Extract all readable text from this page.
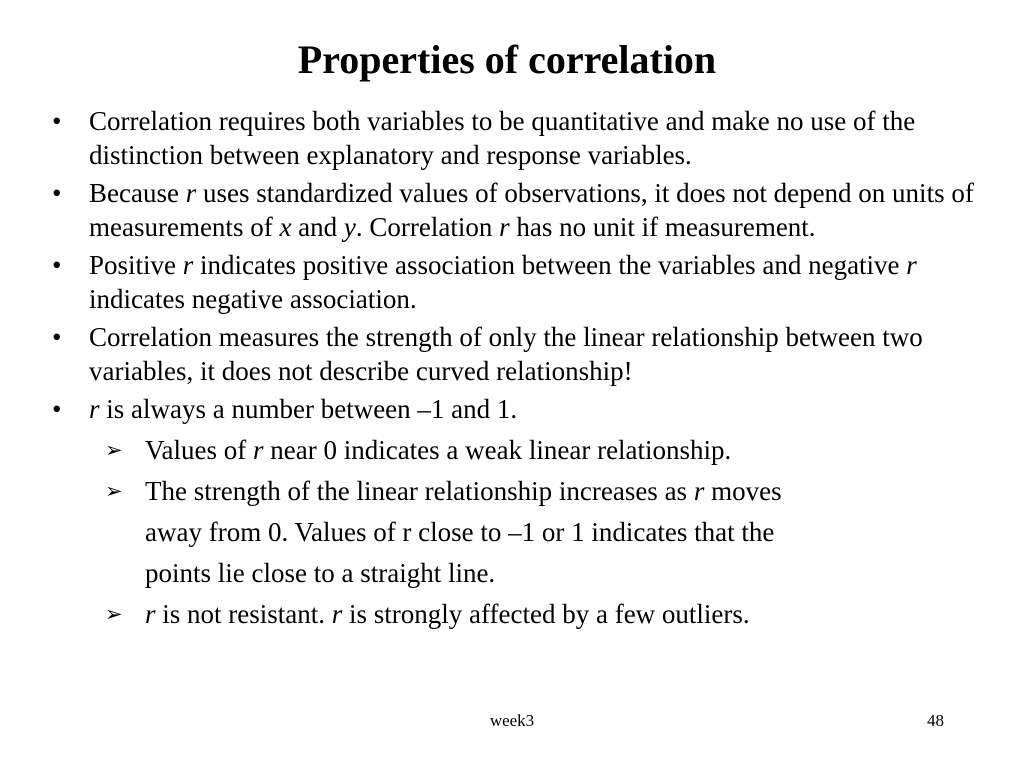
Properties of correlation
•	Correlation requires both variables to be quantitative and make no use of the distinction between explanatory and response variables.
•	Because r uses standardized values of observations, it does not depend on units of measurements of x and y. Correlation r has no unit if measurement.
•	Positive r indicates positive association between the variables and negative r indicates negative association.
•	Correlation measures the strength of only the linear relationship between two variables, it does not describe curved relationship!
•	r is always a number between –1 and 1.
➢ Values of r near 0 indicates a weak linear relationship.
➢ The strength of the linear relationship increases as r moves
away from 0. Values of r close to –1 or 1 indicates that the
points lie close to a straight line.
➢ r is not resistant. r is strongly affected by a few outliers.
week3	48
